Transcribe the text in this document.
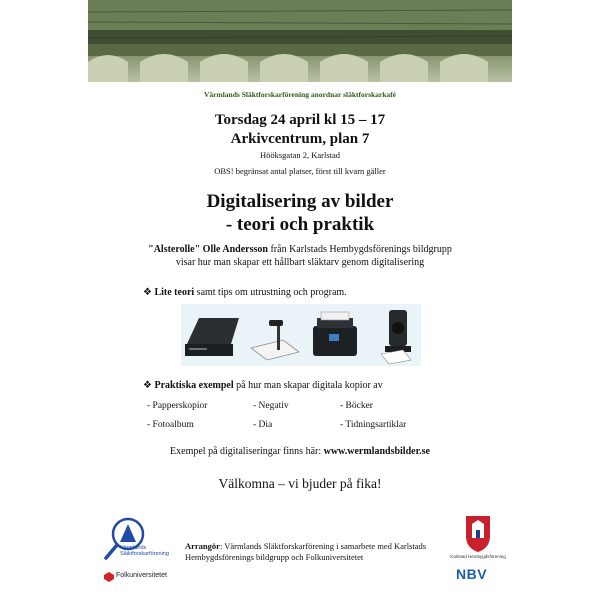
Värmlands Släktforskarförening anordnar släktforskarkafé
Torsdag 24 april kl 15 – 17
Arkivcentrum, plan 7
Hööksgatan 2, Karlstad
OBS! begränsat antal platser, först till kvarn gäller
Digitalisering av bilder
- teori och praktik
"Alsterolle" Olle Andersson från Karlstads Hembygdsförenings bildgrupp
visar hur man skapar ett hållbart släktarv genom digitalisering
❖ Lite teori samt tips om utrustning och program.
❖ Praktiska exempel på hur man skapar digitala kopior av
- Papperskopior	- Negativ	- Böcker
- Fotoalbum	- Dia	- Tidningsartiklar
Exempel på digitaliseringar finns här: www.wermlandsbilder.se
Välkomna – vi bjuder på fika!
Värmlands
Släktforskarförening
Folkuniversitetet
Arrangör: Värmlands Släktforskarförening i samarbete med Karlstads Hembygdsförenings bildgrupp och Folkuniversitetet	Karlstad Hembygdsförening
NBV
